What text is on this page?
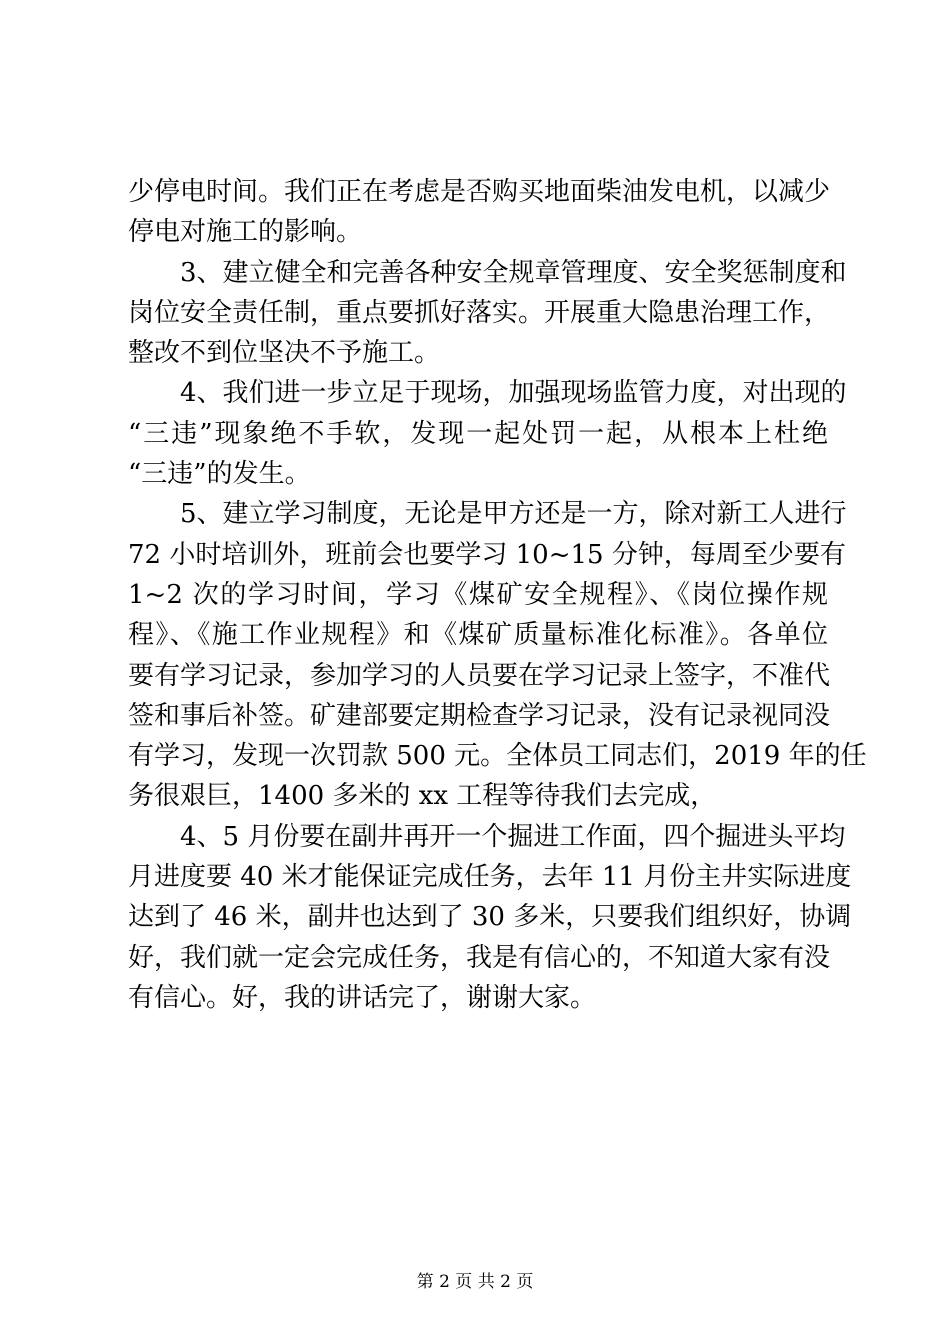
少停电时间。我们正在考虑是否购买地面柴油发电机，以减少
停电对施工的影响。
3、建立健全和完善各种安全规章管理度、安全奖惩制度和
岗位安全责任制，重点要抓好落实。开展重大隐患治理工作，
整改不到位坚决不予施工。
4、我们进一步立足于现场，加强现场监管力度，对出现的
“三违”现象绝不手软，发现一起处罚一起，从根本上杜绝
“三违”的发生。
5、建立学习制度，无论是甲方还是一方，除对新工人进行
72 小时培训外，班前会也要学习 10~15 分钟，每周至少要有
1~2 次的学习时间，学习《煤矿安全规程》、《岗位操作规
程》、《施工作业规程》和《煤矿质量标准化标准》。各单位
要有学习记录，参加学习的人员要在学习记录上签字，不准代
签和事后补签。矿建部要定期检查学习记录，没有记录视同没
有学习，发现一次罚款 500 元。全体员工同志们，2019 年的任
务很艰巨，1400 多米的 xx 工程等待我们去完成，
4、5 月份要在副井再开一个掘进工作面，四个掘进头平均
月进度要 40 米才能保证完成任务，去年 11 月份主井实际进度
达到了 46 米，副井也达到了 30 多米，只要我们组织好，协调
好，我们就一定会完成任务，我是有信心的，不知道大家有没
有信心。好，我的讲话完了，谢谢大家。
第 2 页 共 2 页
